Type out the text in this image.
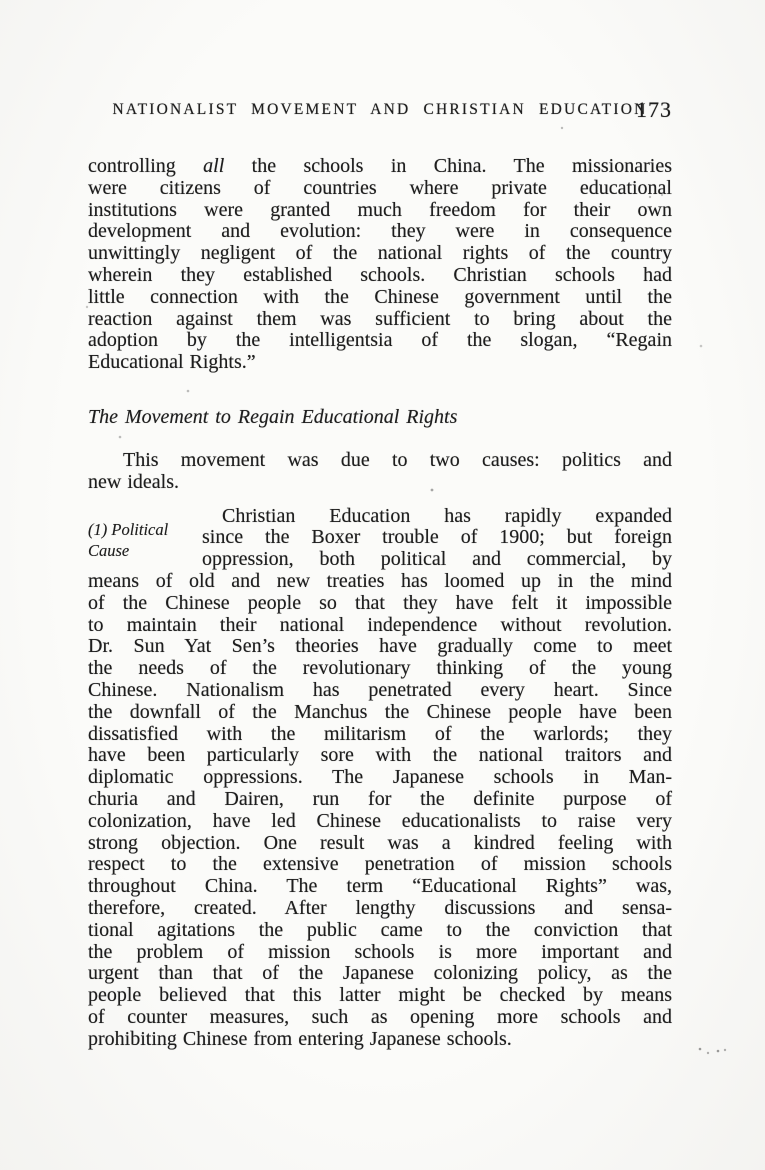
NATIONALIST MOVEMENT AND CHRISTIAN EDUCATION
173
controlling all the schools in China. The missionaries
were citizens of countries where private educational
institutions were granted much freedom for their own
development and evolution: they were in consequence
unwittingly negligent of the national rights of the country
wherein they established schools. Christian schools had
little connection with the Chinese government until the
reaction against them was sufficient to bring about the
adoption by the intelligentsia of the slogan, “Regain
Educational Rights.”
The Movement to Regain Educational Rights
This movement was due to two causes: politics and
new ideals.
(1) Political
Cause
Christian Education has rapidly expanded
since the Boxer trouble of 1900; but foreign
oppression, both political and commercial, by
means of old and new treaties has loomed up in the mind
of the Chinese people so that they have felt it impossible
to maintain their national independence without revolution.
Dr. Sun Yat Sen’s theories have gradually come to meet
the needs of the revolutionary thinking of the young
Chinese. Nationalism has penetrated every heart. Since
the downfall of the Manchus the Chinese people have been
dissatisfied with the militarism of the warlords; they
have been particularly sore with the national traitors and
diplomatic oppressions. The Japanese schools in Man-
churia and Dairen, run for the definite purpose of
colonization, have led Chinese educationalists to raise very
strong objection. One result was a kindred feeling with
respect to the extensive penetration of mission schools
throughout China. The term “Educational Rights” was,
therefore, created. After lengthy discussions and sensa-
tional agitations the public came to the conviction that
the problem of mission schools is more important and
urgent than that of the Japanese colonizing policy, as the
people believed that this latter might be checked by means
of counter measures, such as opening more schools and
prohibiting Chinese from entering Japanese schools.
